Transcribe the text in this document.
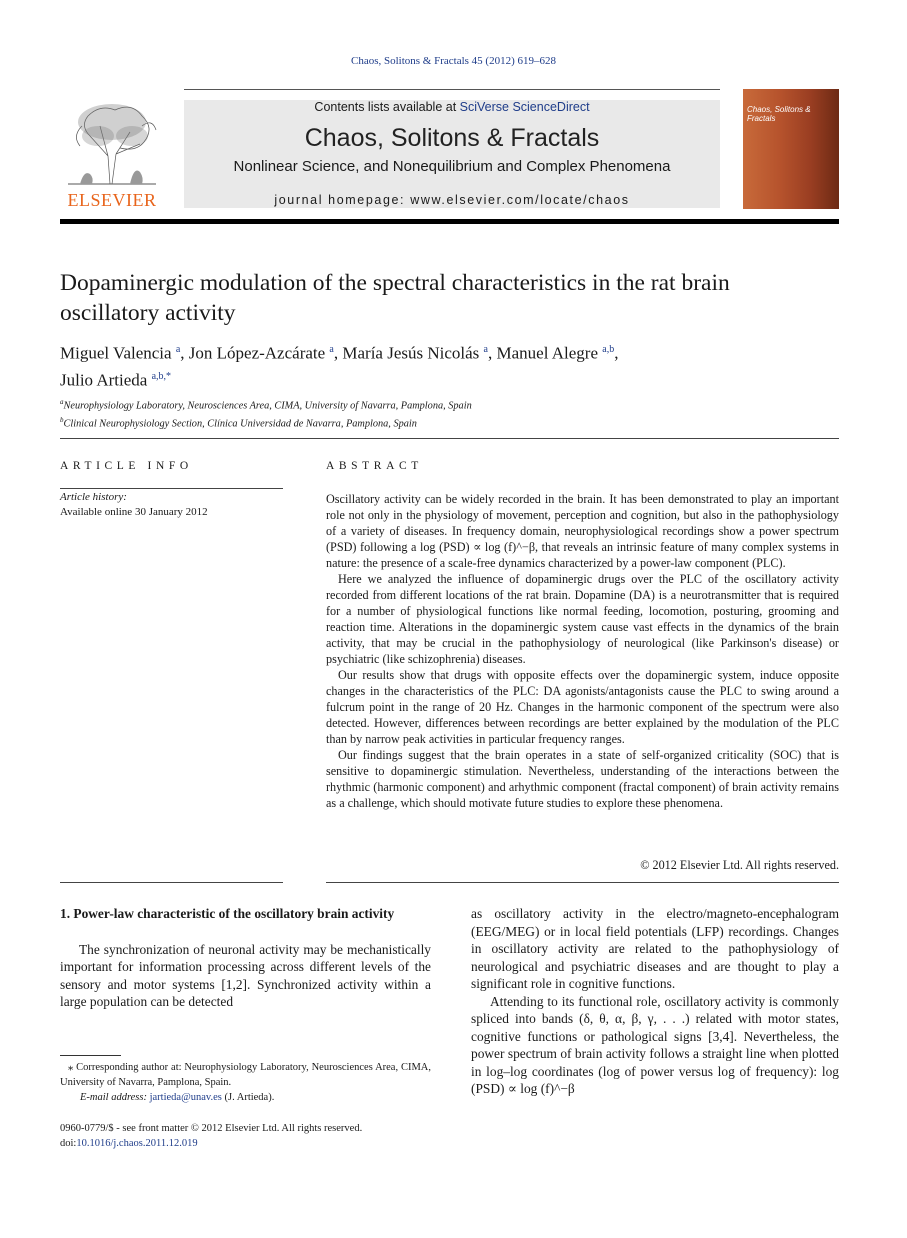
Chaos, Solitons & Fractals 45 (2012) 619–628
ELSEVIER
Contents lists available at SciVerse ScienceDirect
Chaos, Solitons & Fractals
Nonlinear Science, and Nonequilibrium and Complex Phenomena
journal homepage: www.elsevier.com/locate/chaos
Chaos, Solitons & Fractals
Dopaminergic modulation of the spectral characteristics in the rat brain oscillatory activity
Miguel Valencia $^a$, Jon López-Azcárate $^a$, María Jesús Nicolás $^a$, Manuel Alegre $^{a,b}$,
Julio Artieda $^{a,b,*}$
$^a$Neurophysiology Laboratory, Neurosciences Area, CIMA, University of Navarra, Pamplona, Spain
$^b$Clinical Neurophysiology Section, Clínica Universidad de Navarra, Pamplona, Spain
ARTICLE INFO
Article history:
Available online 30 January 2012
ABSTRACT

Oscillatory activity can be widely recorded in the brain. It has been demonstrated to play an important role not only in the physiology of movement, perception and cognition, but also in the pathophysiology of a variety of diseases. In frequency domain, neurophysiological recordings show a power spectrum (PSD) following a log (PSD) ∝ log (f)^−β, that reveals an intrinsic feature of many complex systems in nature: the presence of a scale-free dynamics characterized by a power-law component (PLC).

Here we analyzed the influence of dopaminergic drugs over the PLC of the oscillatory activity recorded from different locations of the rat brain. Dopamine (DA) is a neurotransmitter that is required for a number of physiological functions like normal feeding, locomotion, posturing, grooming and reaction time. Alterations in the dopaminergic system cause vast effects in the dynamics of the brain activity, that may be crucial in the pathophysiology of neurological (like Parkinson's disease) or psychiatric (like schizophrenia) diseases.

Our results show that drugs with opposite effects over the dopaminergic system, induce opposite changes in the characteristics of the PLC: DA agonists/antagonists cause the PLC to swing around a fulcrum point in the range of 20 Hz. Changes in the harmonic component of the spectrum were also detected. However, differences between recordings are better explained by the modulation of the PLC than by narrow peak activities in particular frequency ranges.

Our findings suggest that the brain operates in a state of self-organized criticality (SOC) that is sensitive to dopaminergic stimulation. Nevertheless, understanding of the interactions between the rhythmic (harmonic component) and arhythmic component (fractal component) of brain activity remains as a challenge, which should motivate future studies to explore these phenomena.

© 2012 Elsevier Ltd. All rights reserved.

1. Power-law characteristic of the oscillatory brain activity

The synchronization of neuronal activity may be mechanistically important for information processing across different levels of the sensory and motor systems [1,2]. Synchronized activity within a large population can be detected

as oscillatory activity in the electro/magneto-encephalogram (EEG/MEG) or in local field potentials (LFP) recordings. Changes in oscillatory activity are related to the pathophysiology of neurological and psychiatric diseases and are thought to play a significant role in cognitive functions.

Attending to its functional role, oscillatory activity is commonly spliced into bands (δ, θ, α, β, γ, . . .) related with motor states, cognitive functions or pathological signs [3,4]. Nevertheless, the power spectrum of brain activity follows a straight line when plotted in log–log coordinates (log of power versus log of frequency): log (PSD) ∝ log (f)^−β

⁎ Corresponding author at: Neurophysiology Laboratory, Neurosciences Area, CIMA, University of Navarra, Pamplona, Spain.
E-mail address: jartieda@unav.es (J. Artieda).
0960-0779/$ - see front matter © 2012 Elsevier Ltd. All rights reserved.
doi:10.1016/j.chaos.2011.12.019
